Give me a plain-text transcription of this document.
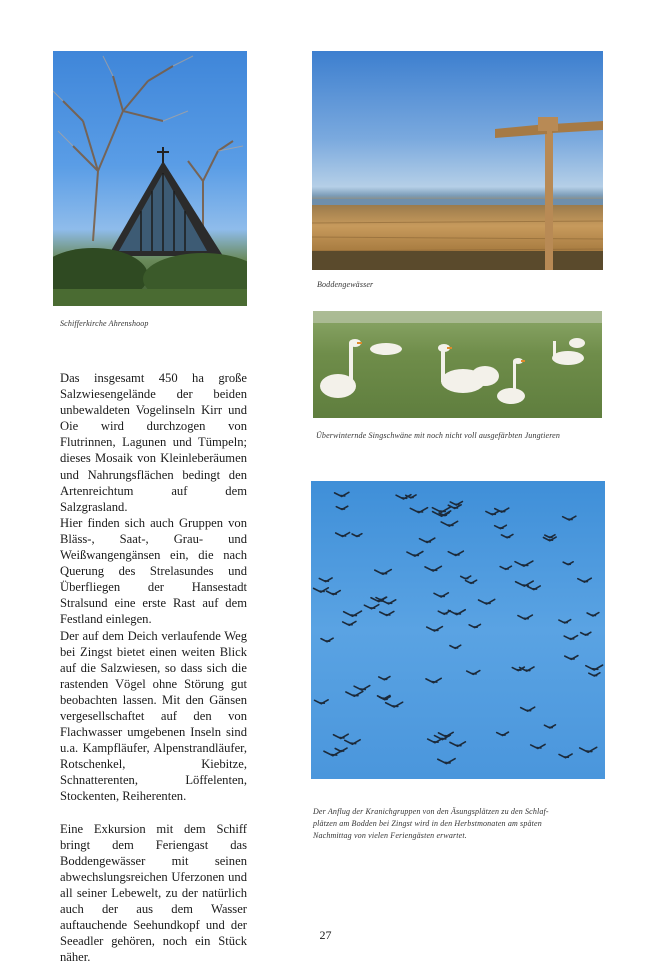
Schifferkirche Ahrenshoop
Boddengewässer
Überwinternde Singschwäne mit noch nicht voll ausgefärbten Jungtieren
Der Anflug der Kranichgruppen von den Äsungsplätzen zu den Schlaf-
plätzen am Bodden bei Zingst wird in den Herbstmonaten am späten
Nachmittag von vielen Feriengästen erwartet.

Das insgesamt 450 ha große Salzwiesengelände der beiden unbewaldeten Vogelinseln Kirr und Oie wird durchzogen von Flutrinnen, Lagunen und Tümpeln; dieses Mosaik von Kleinleberäumen und Nahrungsflächen bedingt den Artenreichtum auf dem Salzgrasland.

Hier finden sich auch Gruppen von Bläss-, Saat-, Grau- und Weißwangengänsen ein, die nach Querung des Strelasundes und Überfliegen der Hansestadt Stralsund eine erste Rast auf dem Festland einlegen.

Der auf dem Deich verlaufende Weg bei Zingst bietet einen weiten Blick auf die Salzwiesen, so dass sich die rastenden Vögel ohne Störung gut beobachten lassen. Mit den Gänsen vergesellschaftet auf den von Flachwasser umgebenen Inseln sind u.a. Kampfläufer, Alpenstrandläufer, Rotschenkel, Kiebitze, Schnatterenten, Löffelenten, Stockenten, Reiherenten.

Eine Exkursion mit dem Schiff bringt dem Feriengast das Boddengewässer mit seinen abwechslungsreichen Uferzonen und all seiner Lebewelt, zu der natürlich auch der aus dem Wasser auftauchende Seehundkopf und der Seeadler gehören, noch ein Stück näher.

27
